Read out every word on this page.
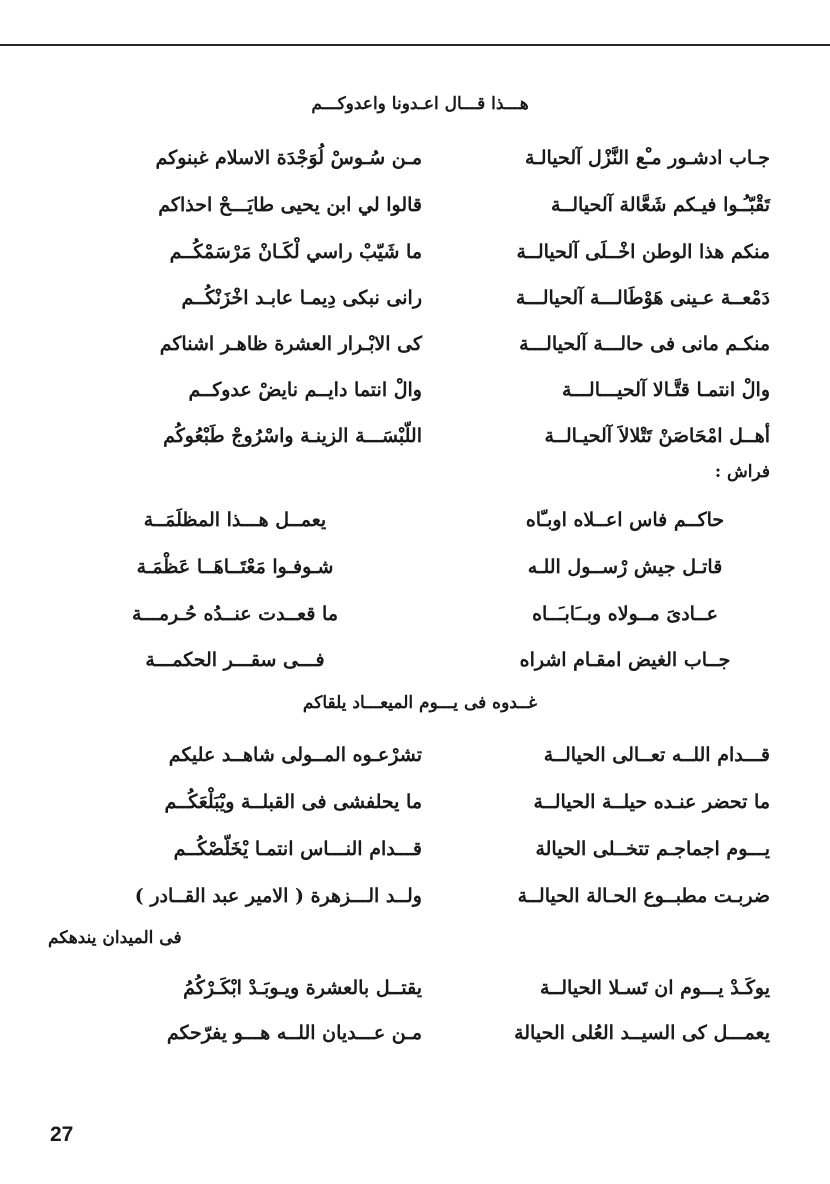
هـــذا قـــال اعـدونا واعدوكـــم
جـاب ادشـور مـْع النَّزْل آلحيالـة
مـن سُـوسْ لُوَجْدَة الاسلام غبنوكم
تَقْبّـُـوا فيـكم شَعَّالة آلحيالــة
قالوا لي ابن يحيى طايَـــحْ احذاكم
منكم هذا الوطن اخْــلَى آلحيالــة
ما شَيّبْ راسي لْكَـانْ مَرْسَمْكُــم
دَمْعــة عـينى هَوْطَالـــة آلحيالـــة
رانى نبكى دِيمـا عابـد اخْزَنْكُــم
منكـم مانى فى حالـــة آلحيالـــة
كى الابْـرار العشرة ظاهـر اشناكم
والْ انتمـا قتَّـالا آلحيـــالـــة
والْ انتما دايــم نايضْ عدوكــم
أهــل امْحَاصَنْ تَتْلالاَ آلحيـالــة
اللّبْسَـــة الزينـة واسْرُوجْ طَبْعُوكُم
فراش :
حاكــم فاس اعــلاه اوبـّاه
يعمــل هـــذا المظلَمَــة
قاتـل جيش رْســول اللـه
شـوفـوا مَعْتَــاهَــا عَظْمَـة
عــادىَ مــولاه وبــَابـَــاه
ما قعــدت عنــدُه حُـرمـــة
جــاب الغيض امقـام اشراه
فـــى سقـــر الحكمـــة
غــدوه فى يـــوم الميعـــاد يلقاكم
قـــدام اللــه تعــالى الحيالــة
تشرْعـوه المــولى شاهــد عليكم
ما تحضر عنـده حيلــة الحيالــة
ما يحلفشى فى القبلــة ويْبَلْعَكُــم
يـــوم اجماجـم تتخــلى الحيالة
قـــدام النـــاس انتمـا يْخَلّصْكُــم
ضربـت مطبــوع الحـالة الحيالــة
ولــد الـــزهرة ( الامير عبد القــادر )
فى الميدان يندهكم
يوكَـدْ يـــوم ان تَسـلا الحيالــة
يقتــل بالعشرة ويـوبَـدْ ابْكَـرْكُمُ
يعمـــل كى السيــد العُلى الحيالة
مـن عـــديان اللــه هـــو يفرّحكم
27
